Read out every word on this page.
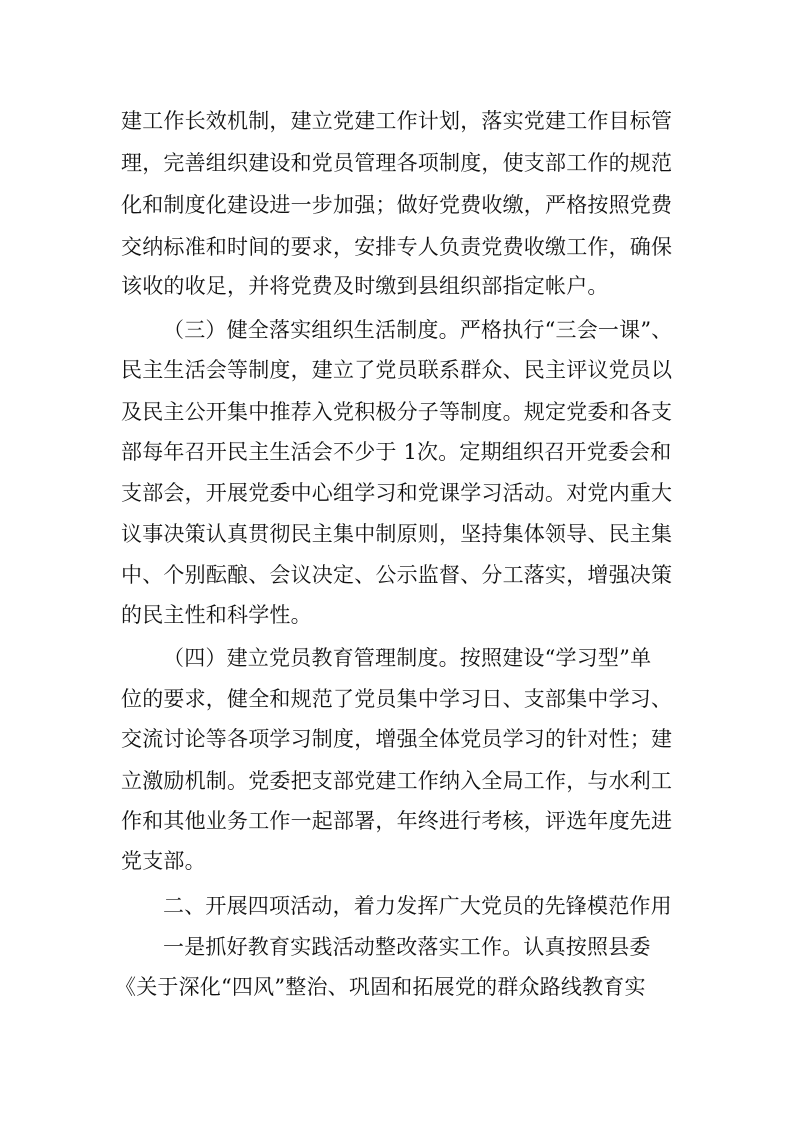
建工作长效机制，建立党建工作计划，落实党建工作目标管
理，完善组织建设和党员管理各项制度，使支部工作的规范
化和制度化建设进一步加强；做好党费收缴，严格按照党费
交纳标准和时间的要求，安排专人负责党费收缴工作，确保
该收的收足，并将党费及时缴到县组织部指定帐户。
（三）健全落实组织生活制度。严格执行“三会一课”、
民主生活会等制度，建立了党员联系群众、民主评议党员以
及民主公开集中推荐入党积极分子等制度。规定党委和各支
部每年召开民主生活会不少于 1次。定期组织召开党委会和
支部会，开展党委中心组学习和党课学习活动。对党内重大
议事决策认真贯彻民主集中制原则，坚持集体领导、民主集
中、个别酝酿、会议决定、公示监督、分工落实，增强决策
的民主性和科学性。
（四）建立党员教育管理制度。按照建设“学习型”单
位的要求，健全和规范了党员集中学习日、支部集中学习、
交流讨论等各项学习制度，增强全体党员学习的针对性；建
立激励机制。党委把支部党建工作纳入全局工作，与水利工
作和其他业务工作一起部署，年终进行考核，评选年度先进
党支部。
二、开展四项活动，着力发挥广大党员的先锋模范作用
一是抓好教育实践活动整改落实工作。认真按照县委
《关于深化“四风”整治、巩固和拓展党的群众路线教育实
